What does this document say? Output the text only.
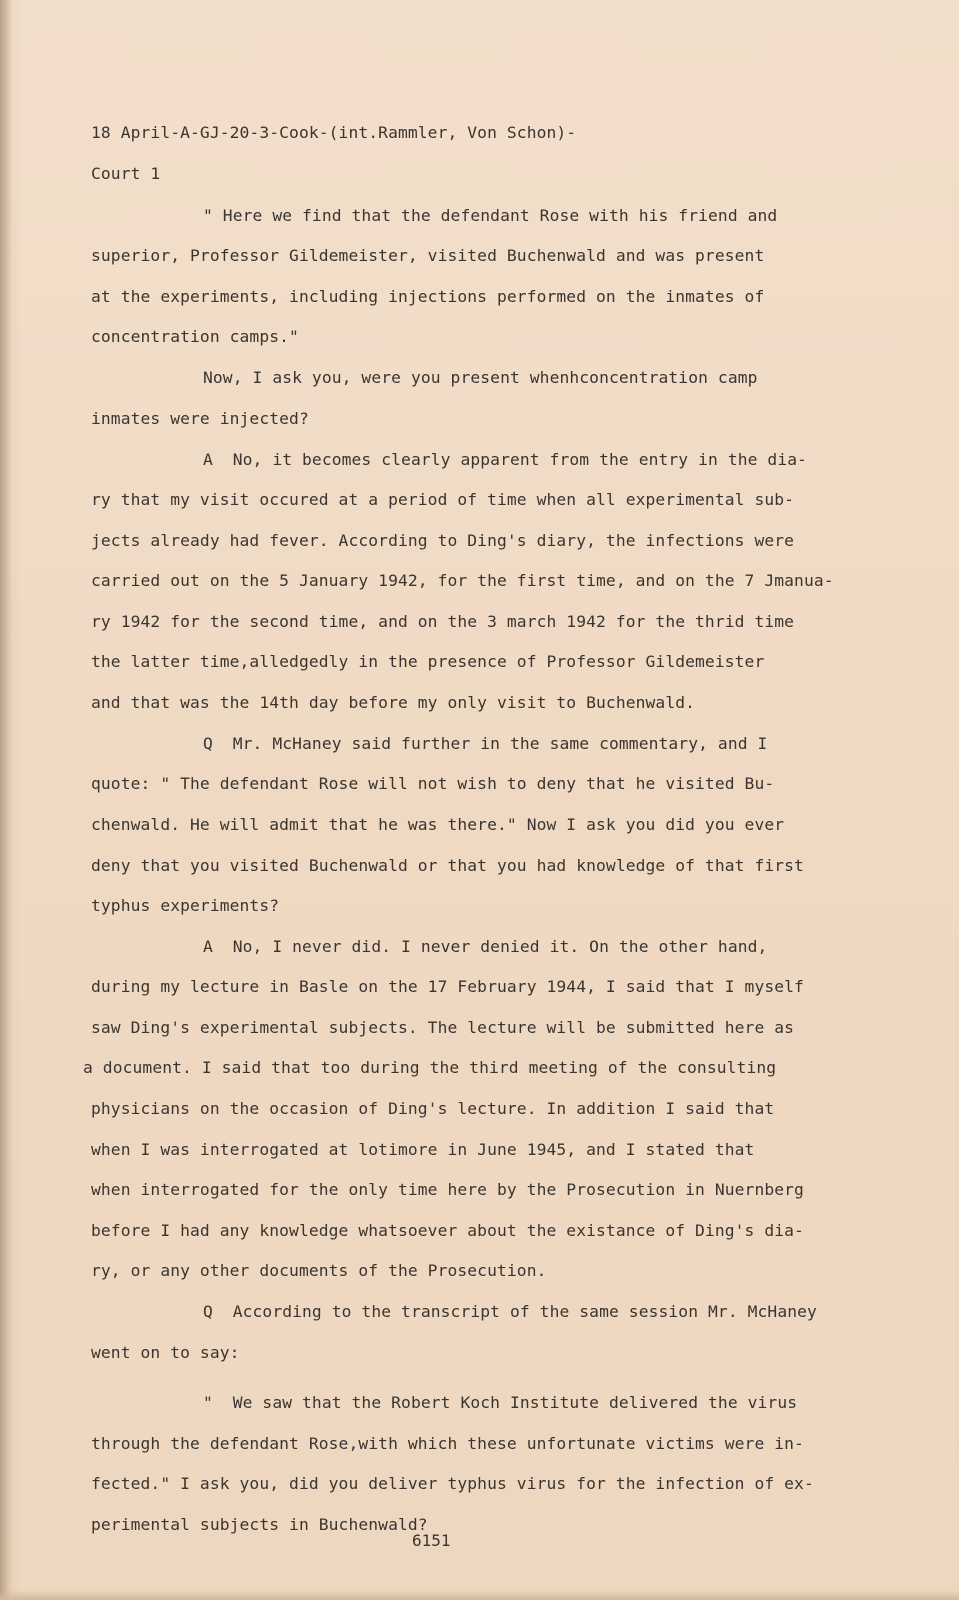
18 April-A-GJ-20-3-Cook-(int.Rammler, Von Schon)-
Court 1
" Here we find that the defendant Rose with his friend and
superior, Professor Gildemeister, visited Buchenwald and was present
at the experiments, including injections performed on the inmates of
concentration camps."
Now, I ask you, were you present whenhconcentration camp
inmates were injected?
A  No, it becomes clearly apparent from the entry in the dia-
ry that my visit occured at a period of time when all experimental sub-
jects already had fever. According to Ding's diary, the infections were
carried out on the 5 January 1942, for the first time, and on the 7 Jmanua-
ry 1942 for the second time, and on the 3 march 1942 for the thrid time
the latter time,alledgedly in the presence of Professor Gildemeister
and that was the 14th day before my only visit to Buchenwald.
Q  Mr. McHaney said further in the same commentary, and I
quote: " The defendant Rose will not wish to deny that he visited Bu-
chenwald. He will admit that he was there." Now I ask you did you ever
deny that you visited Buchenwald or that you had knowledge of that first
typhus experiments?
A  No, I never did. I never denied it. On the other hand,
during my lecture in Basle on the 17 February 1944, I said that I myself
saw Ding's experimental subjects. The lecture will be submitted here as
a document. I said that too during the third meeting of the consulting
physicians on the occasion of Ding's lecture. In addition I said that
when I was interrogated at lotimore in June 1945, and I stated that
when interrogated for the only time here by the Prosecution in Nuernberg
before I had any knowledge whatsoever about the existance of Ding's dia-
ry, or any other documents of the Prosecution.
Q  According to the transcript of the same session Mr. McHaney
went on to say:
"  We saw that the Robert Koch Institute delivered the virus
through the defendant Rose,with which these unfortunate victims were in-
fected." I ask you, did you deliver typhus virus for the infection of ex-
perimental subjects in Buchenwald?
6151
